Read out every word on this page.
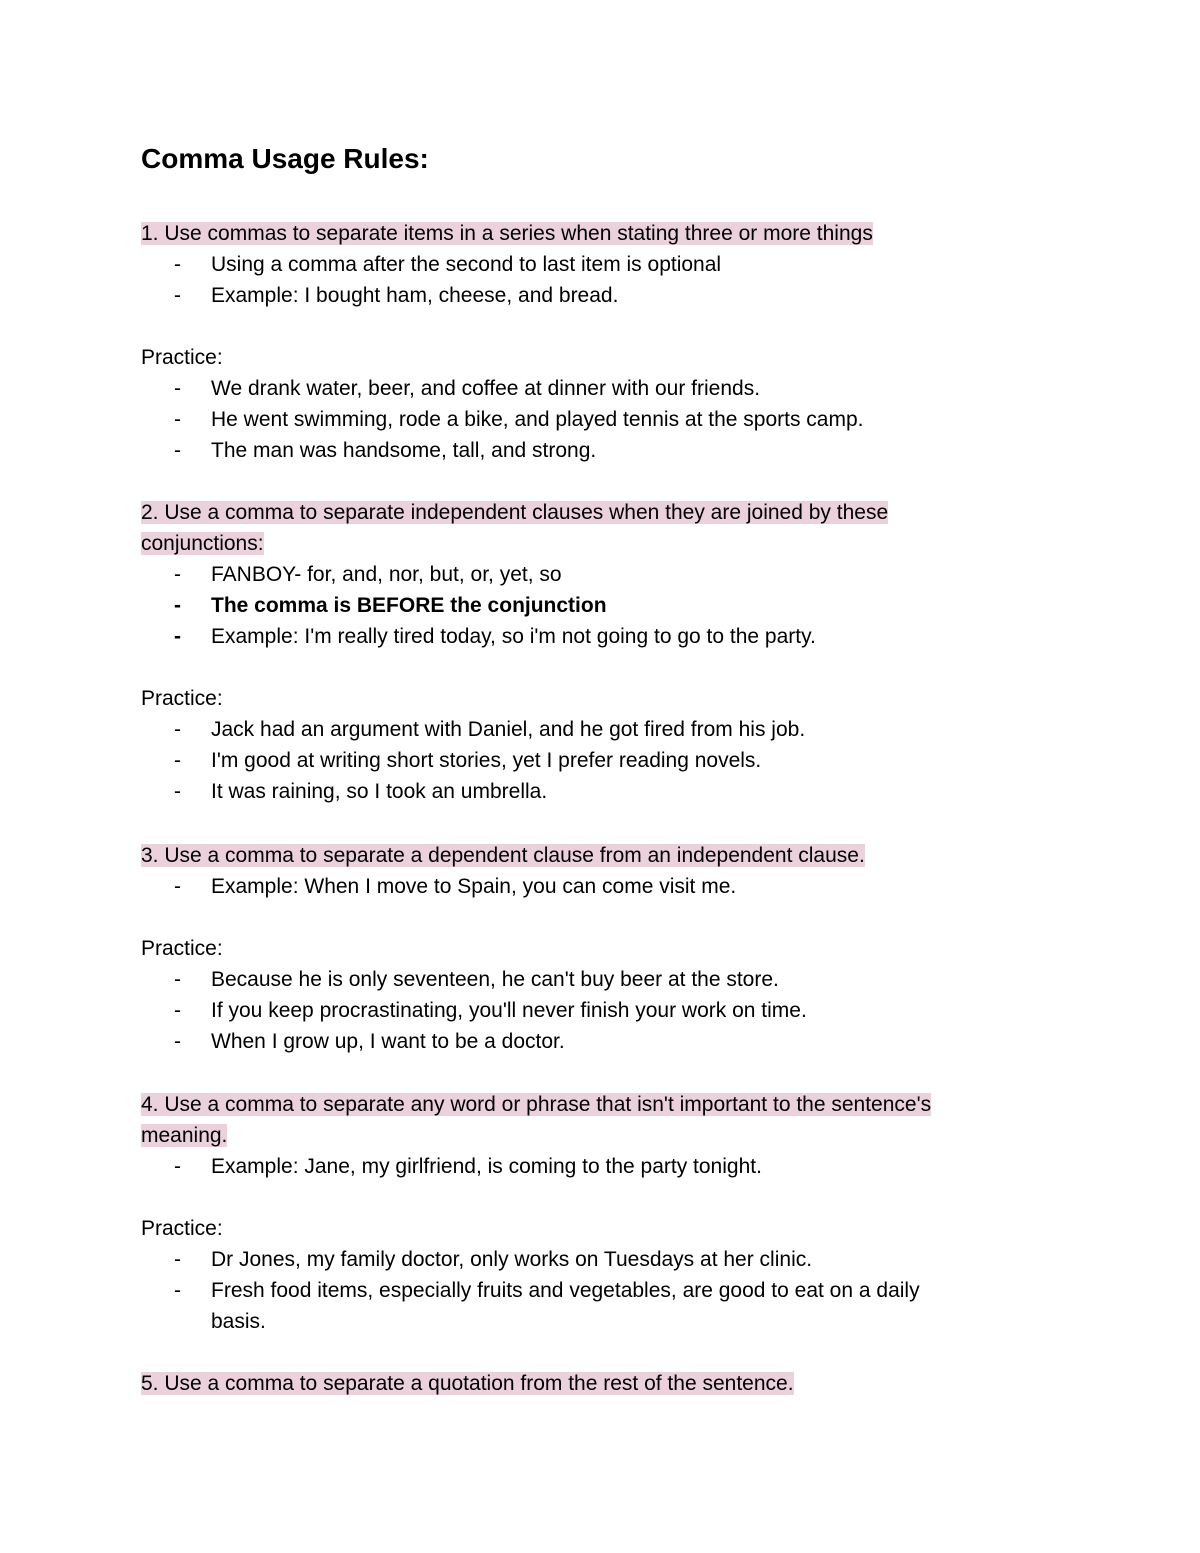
Comma Usage Rules:
1. Use commas to separate items in a series when stating three or more things
- Using a comma after the second to last item is optional
- Example: I bought ham, cheese, and bread.
Practice:
- We drank water, beer, and coffee at dinner with our friends.
- He went swimming, rode a bike, and played tennis at the sports camp.
- The man was handsome, tall, and strong.
2. Use a comma to separate independent clauses when they are joined by these
conjunctions:
- FANBOY- for, and, nor, but, or, yet, so
- The comma is BEFORE the conjunction
- Example: I'm really tired today, so i'm not going to go to the party.
Practice:
- Jack had an argument with Daniel, and he got fired from his job.
- I'm good at writing short stories, yet I prefer reading novels.
- It was raining, so I took an umbrella.
3. Use a comma to separate a dependent clause from an independent clause.
- Example: When I move to Spain, you can come visit me.
Practice:
- Because he is only seventeen, he can't buy beer at the store.
- If you keep procrastinating, you'll never finish your work on time.
- When I grow up, I want to be a doctor.
4. Use a comma to separate any word or phrase that isn't important to the sentence's
meaning.
- Example: Jane, my girlfriend, is coming to the party tonight.
Practice:
- Dr Jones, my family doctor, only works on Tuesdays at her clinic.
- Fresh food items, especially fruits and vegetables, are good to eat on a daily
basis.
5. Use a comma to separate a quotation from the rest of the sentence.
